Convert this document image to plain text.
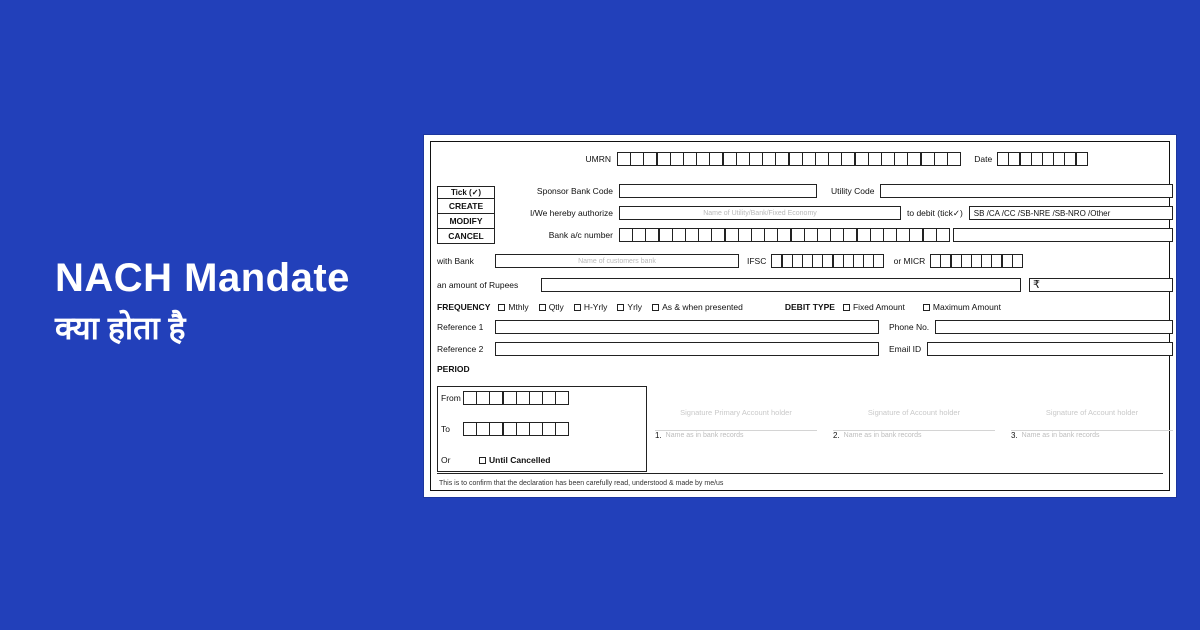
NACH Mandate
क्या होता है
UMRN	Date
Tick (✓)
CREATE
MODIFY
CANCEL
Sponsor Bank Code	Utility Code
I/We hereby authorize	Name of Utility/Bank/Fixed Economy	to debit (tick✓)	SB /CA /CC /SB-NRE /SB-NRO /Other
Bank a/c number
with Bank	Name of customers bank	IFSC	or MICR
an amount of Rupees	₹
FREQUENCY Mthly Qtly H-Yrly Yrly As & when presented	DEBIT TYPE Fixed Amount	Maximum Amount
Reference 1	Phone No.
Reference 2	Email ID
PERIOD
From
To
Or	Until Cancelled
Signature Primary Account holder
1. Name as in bank records
Signature of Account holder
2. Name as in bank records
Signature of Account holder
3. Name as in bank records
This is to confirm that the declaration has been carefully read, understood & made by me/us
